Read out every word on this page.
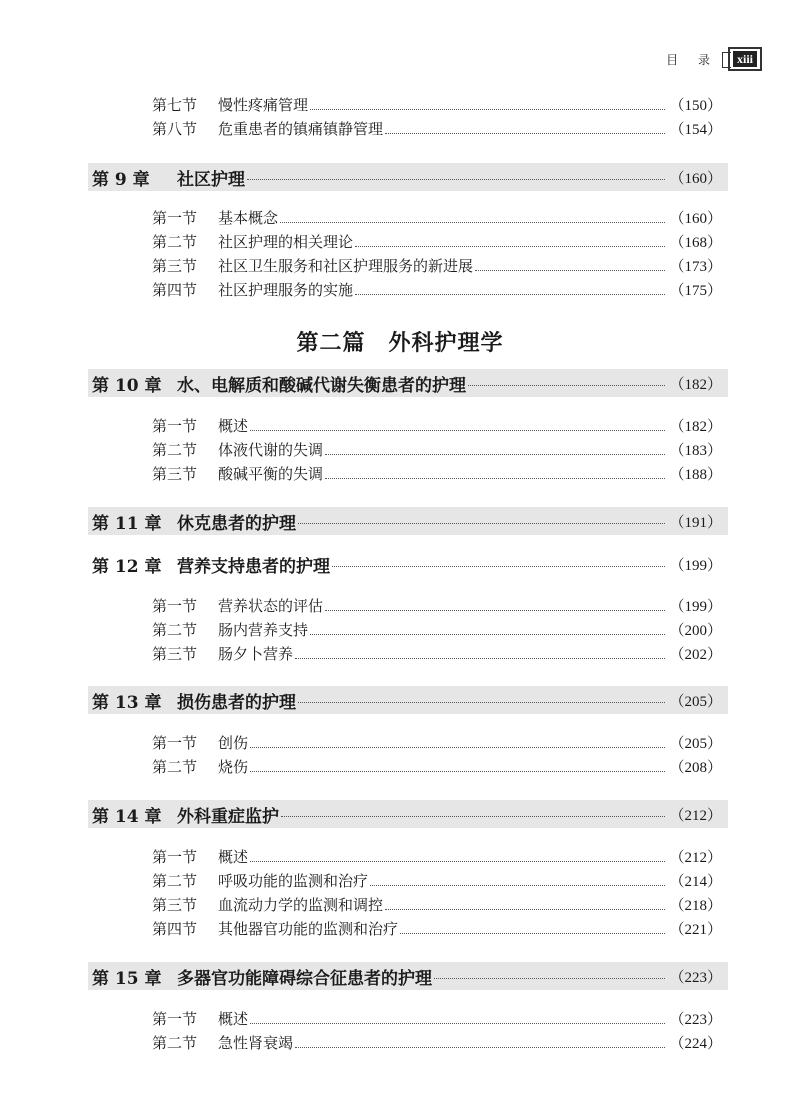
目 录	xiii
第二篇　外科护理学
第七节	慢性疼痛管理	（150）
第八节	危重患者的镇痛镇静管理	（154）
第 9 章	社区护理	（160）
第一节	基本概念	（160）
第二节	社区护理的相关理论	（168）
第三节	社区卫生服务和社区护理服务的新进展	（173）
第四节	社区护理服务的实施	（175）
第 10 章 水、电解质和酸碱代谢失衡患者的护理	（182）
第一节	概述	（182）
第二节	体液代谢的失调	（183）
第三节	酸碱平衡的失调	（188）
第 11 章 休克患者的护理	（191）
第 12 章 营养支持患者的护理	（199）
第一节	营养状态的评估	（199）
第二节	肠内营养支持	（200）
第三节	肠夕卜营养	（202）
第 13 章 损伤患者的护理	（205）
第一节	创伤	（205）
第二节	烧伤	（208）
第 14 章 外科重症监护	（212）
第一节	概述	（212）
第二节	呼吸功能的监测和治疗	（214）
第三节	血流动力学的监测和调控	（218）
第四节	其他器官功能的监测和治疗	（221）
第 15 章 多器官功能障碍综合征患者的护理	（223）
第一节	概述	（223）
第二节	急性肾衰竭	（224）
